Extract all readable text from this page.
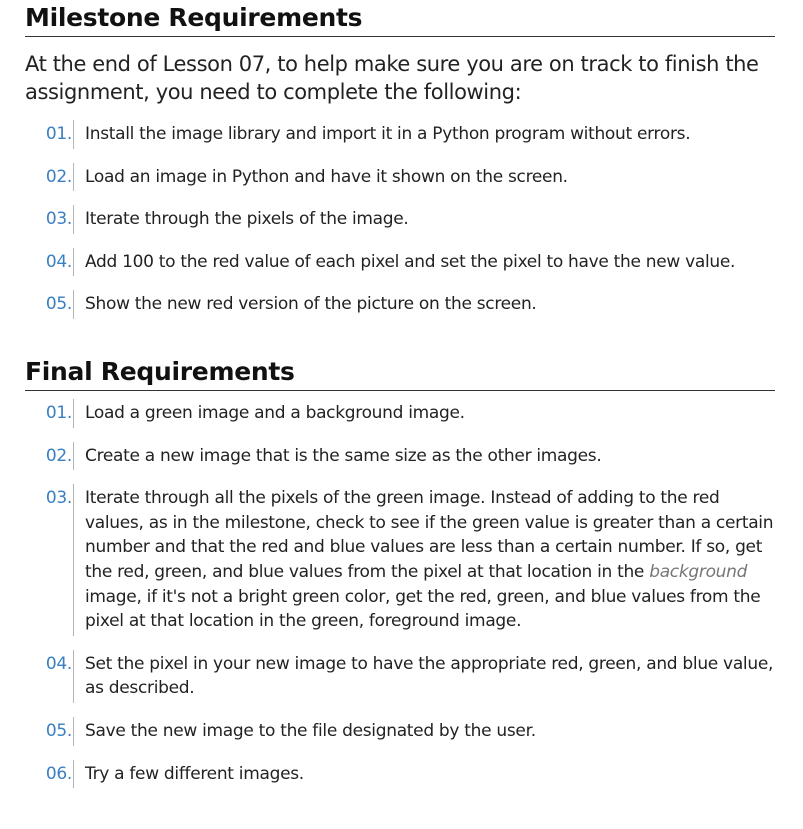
Milestone Requirements

At the end of Lesson 07, to help make sure you are on track to finish the assignment, you need to complete the following:

01. Install the image library and import it in a Python program without errors.
02. Load an image in Python and have it shown on the screen.
03. Iterate through the pixels of the image.
04. Add 100 to the red value of each pixel and set the pixel to have the new value.
05. Show the new red version of the picture on the screen.
Final Requirements
01. Load a green image and a background image.
02. Create a new image that is the same size as the other images.
03. Iterate through all the pixels of the green image. Instead of adding to the red values, as in the milestone, check to see if the green value is greater than a certain number and that the red and blue values are less than a certain number. If so, get the red, green, and blue values from the pixel at that location in the background image, if it's not a bright green color, get the red, green, and blue values from the pixel at that location in the green, foreground image.
04. Set the pixel in your new image to have the appropriate red, green, and blue value, as described.
05. Save the new image to the file designated by the user.
06. Try a few different images.
